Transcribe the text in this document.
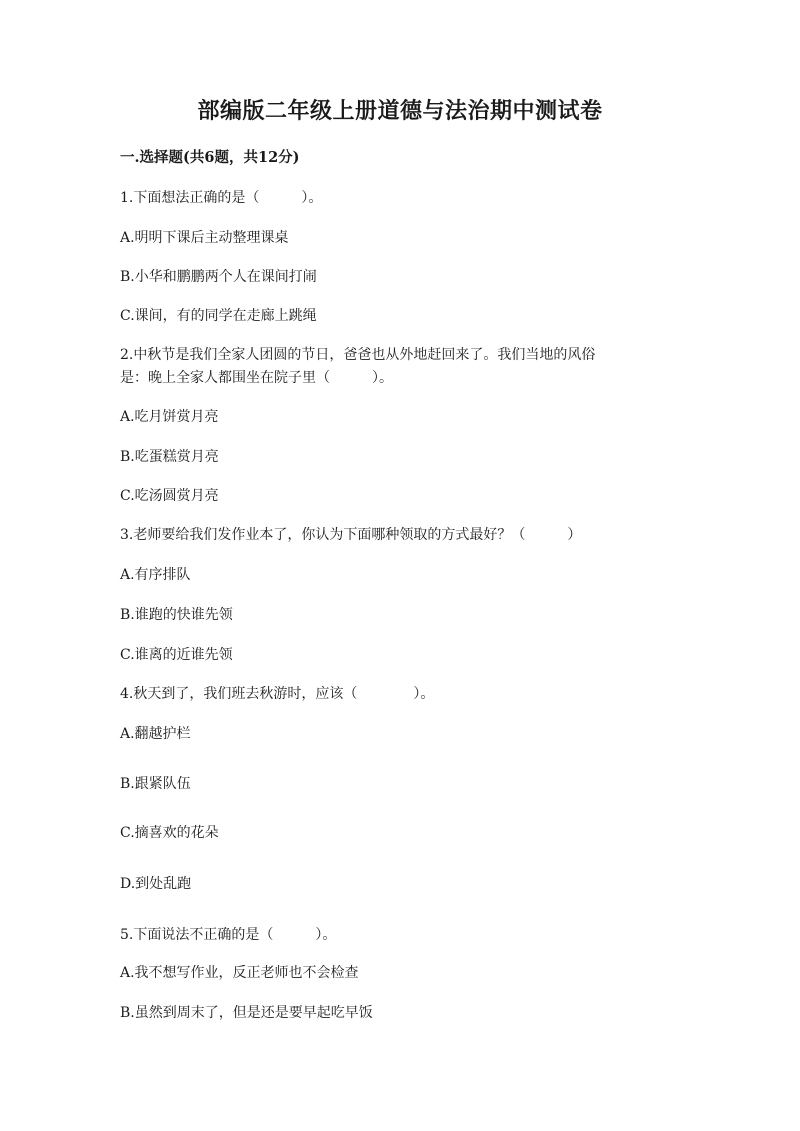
部编版二年级上册道德与法治期中测试卷
一.选择题(共6题，共12分)
1.下面想法正确的是（　　　）。
A.明明下课后主动整理课桌
B.小华和鹏鹏两个人在课间打闹
C.课间，有的同学在走廊上跳绳
2.中秋节是我们全家人团圆的节日，爸爸也从外地赶回来了。我们当地的风俗
是：晚上全家人都围坐在院子里（　　　）。
A.吃月饼赏月亮
B.吃蛋糕赏月亮
C.吃汤圆赏月亮
3.老师要给我们发作业本了，你认为下面哪种领取的方式最好？（　　　）
A.有序排队
B.谁跑的快谁先领
C.谁离的近谁先领
4.秋天到了，我们班去秋游时，应该（　　　　）。
A.翻越护栏
B.跟紧队伍
C.摘喜欢的花朵
D.到处乱跑
5.下面说法不正确的是（　　　）。
A.我不想写作业，反正老师也不会检查
B.虽然到周末了，但是还是要早起吃早饭
